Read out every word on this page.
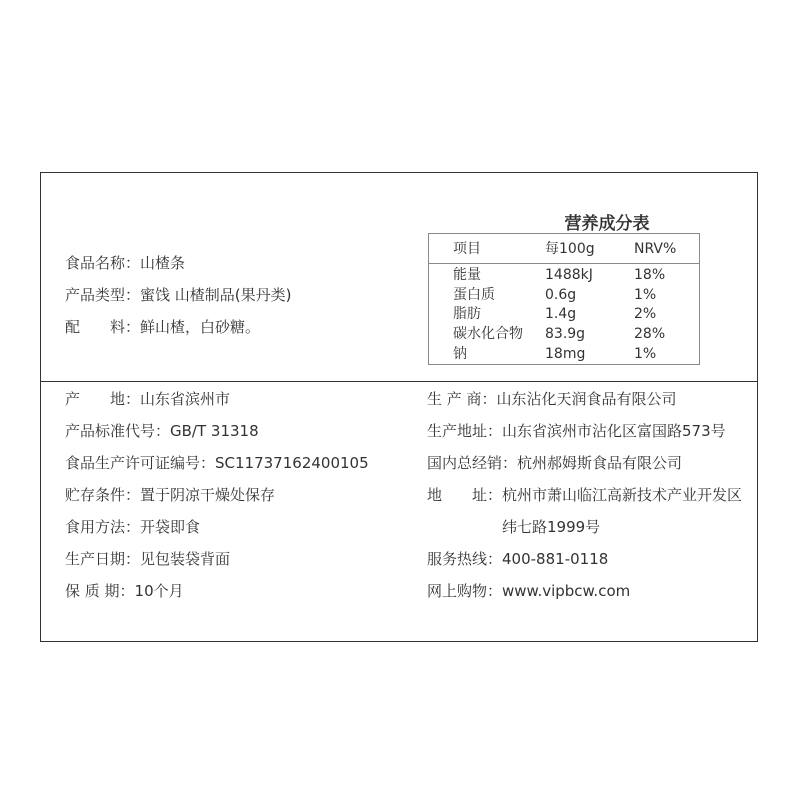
食品名称：山楂条
产品类型：蜜饯 山楂制品(果丹类)
配　　料：鲜山楂，白砂糖。
营养成分表
项目	每100g	NRV%
能量	1488kJ	18%
蛋白质	0.6g	1%
脂肪	1.4g	2%
碳水化合物 83.9g	28%
钠	18mg	1%
产　　地：山东省滨州市
产品标准代号：GB/T 31318
食品生产许可证编号：SC11737162400105
贮存条件：置于阴凉干燥处保存
食用方法：开袋即食
生产日期：见包装袋背面
保 质 期：10个月
生 产 商：山东沾化天润食品有限公司
生产地址：山东省滨州市沾化区富国路573号
国内总经销：杭州郝姆斯食品有限公司
地　　址：杭州市萧山临江高新技术产业开发区
纬七路1999号
服务热线：400-881-0118
网上购物：www.vipbcw.com
